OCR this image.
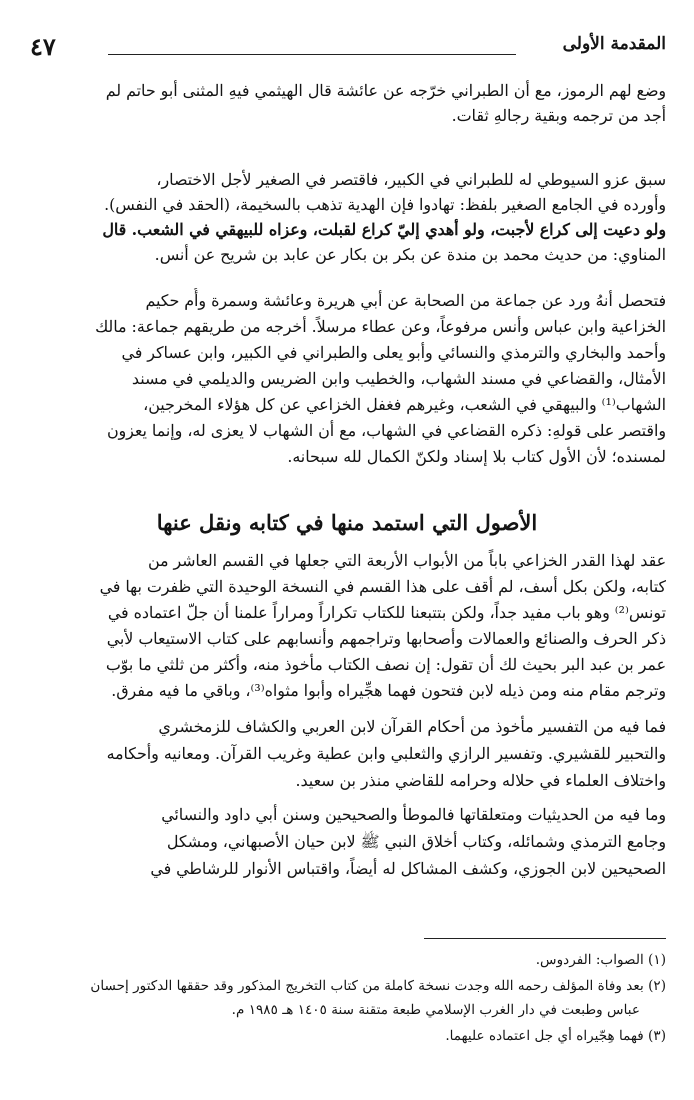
المقدمة الأولى
٤٧
وضع لهم الرموز، مع أن الطبراني خرّجه عن عائشة قال الهيثمي فيهِ المثنى أبو حاتم لم
أجد من ترجمه وبقية رجالهِ ثقات.
سبق عزو السيوطي له للطبراني في الكبير، فاقتصر في الصغير لأجل الاختصار،
وأورده في الجامع الصغير بلفظ: تهادوا فإن الهدية تذهب بالسخيمة، (الحقد في النفس).
ولو دعيت إلى كراع لأجبت، ولو أهدي إليّ كراع لقبلت، وعزاه للبيهقي في الشعب. قال
المناوي: من حديث محمد بن مندة عن بكر بن بكار عن عابد بن شريح عن أنس.
فتحصل أنهُ ورد عن جماعة من الصحابة عن أبي هريرة وعائشة وسمرة وأُم حكيم
الخزاعية وابن عباس وأنس مرفوعاً، وعن عطاء مرسلاً. أخرجه من طريقهم جماعة: مالك
وأحمد والبخاري والترمذي والنسائي وأبو يعلى والطبراني في الكبير، وابن عساكر في
الأمثال، والقضاعي في مسند الشهاب، والخطيب وابن الضريس والديلمي في مسند
الشهاب⁽¹⁾ والبيهقي في الشعب، وغيرهم فغفل الخزاعي عن كل هؤلاء المخرجين،
واقتصر على قولهِ: ذكره القضاعي في الشهاب، مع أن الشهاب لا يعزى له، وإنما يعزون
لمسنده؛ لأن الأول كتاب بلا إسناد ولكنّ الكمال لله سبحانه.
الأصول التي استمد منها في كتابه ونقل عنها
عقد لهذا القدر الخزاعي باباً من الأبواب الأربعة التي جعلها في القسم العاشر من
كتابه، ولكن بكل أسف، لم أقف على هذا القسم في النسخة الوحيدة التي ظفرت بها في
تونس⁽²⁾ وهو باب مفيد جداً، ولكن بتتبعنا للكتاب تكراراً ومراراً علمنا أن جلّ اعتماده في
ذكر الحرف والصنائع والعمالات وأصحابها وتراجمهم وأنسابهم على كتاب الاستيعاب لأبي
عمر بن عبد البر بحيث لك أن تقول: إن نصف الكتاب مأخوذ منه، وأكثر من ثلثي ما بوّب
وترجم مقام منه ومن ذيله لابن فتحون فهما هجِّيراه وأبوا مثواه⁽³⁾، وباقي ما فيه مفرق.
فما فيه من التفسير مأخوذ من أحكام القرآن لابن العربي والكشاف للزمخشري
والتحبير للقشيري. وتفسير الرازي والثعلبي وابن عطية وغريب القرآن. ومعانيه وأحكامه
واختلاف العلماء في حلاله وحرامه للقاضي منذر بن سعيد.
وما فيه من الحديثيات ومتعلقاتها فالموطأ والصحيحين وسنن أبي داود والنسائي
وجامع الترمذي وشمائله، وكتاب أخلاق النبي ﷺ لابن حيان الأصبهاني، ومشكل
الصحيحين لابن الجوزي، وكشف المشاكل له أيضاً، واقتباس الأنوار للرشاطي في
(١) الصواب: الفردوس.
(٢) بعد وفاة المؤلف رحمه الله وجدت نسخة كاملة من كتاب التخريج المذكور وقد حققها الدكتور إحسان
عباس وطبعت في دار الغرب الإسلامي طبعة متقنة سنة ١٤٠٥ هـ ١٩٨٥ م.
(٣) فهما هِجّيراه أي جل اعتماده عليهما.
